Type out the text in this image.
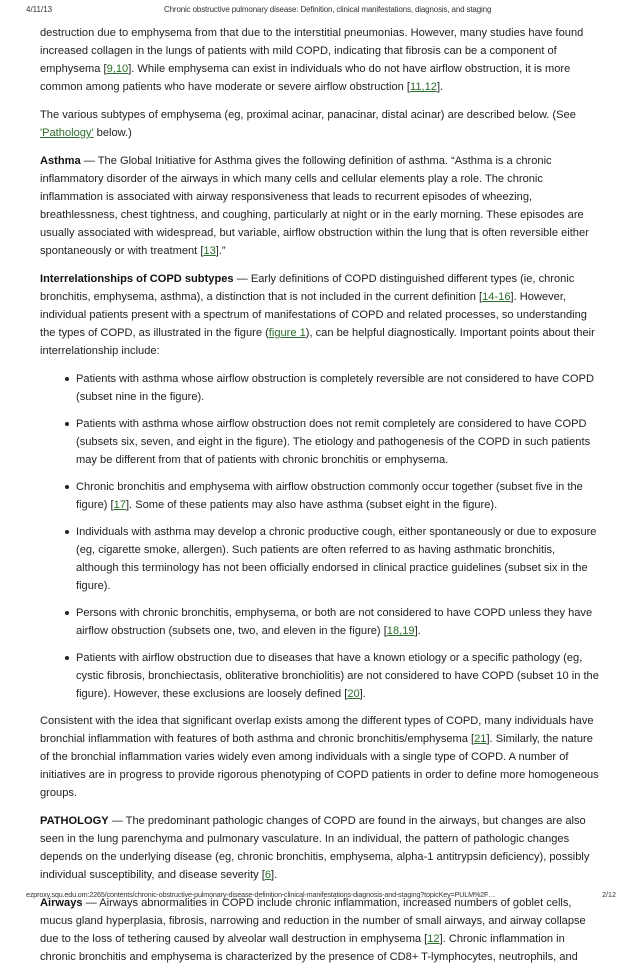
4/11/13	Chronic obstructive pulmonary disease: Definition, clinical manifestations, diagnosis, and staging

destruction due to emphysema from that due to the interstitial pneumonias. However, many studies have found increased collagen in the lungs of patients with mild COPD, indicating that fibrosis can be a component of emphysema [9,10]. While emphysema can exist in individuals who do not have airflow obstruction, it is more common among patients who have moderate or severe airflow obstruction [11,12].

The various subtypes of emphysema (eg, proximal acinar, panacinar, distal acinar) are described below. (See 'Pathology' below.)

Asthma — The Global Initiative for Asthma gives the following definition of asthma. “Asthma is a chronic inflammatory disorder of the airways in which many cells and cellular elements play a role. The chronic inflammation is associated with airway responsiveness that leads to recurrent episodes of wheezing, breathlessness, chest tightness, and coughing, particularly at night or in the early morning. These episodes are usually associated with widespread, but variable, airflow obstruction within the lung that is often reversible either spontaneously or with treatment [13].”

Interrelationships of COPD subtypes — Early definitions of COPD distinguished different types (ie, chronic bronchitis, emphysema, asthma), a distinction that is not included in the current definition [14-16]. However, individual patients present with a spectrum of manifestations of COPD and related processes, so understanding the types of COPD, as illustrated in the figure (figure 1), can be helpful diagnostically. Important points about their interrelationship include:

Patients with asthma whose airflow obstruction is completely reversible are not considered to have COPD (subset nine in the figure).
Patients with asthma whose airflow obstruction does not remit completely are considered to have COPD (subsets six, seven, and eight in the figure). The etiology and pathogenesis of the COPD in such patients may be different from that of patients with chronic bronchitis or emphysema.
Chronic bronchitis and emphysema with airflow obstruction commonly occur together (subset five in the figure) [17]. Some of these patients may also have asthma (subset eight in the figure).
Individuals with asthma may develop a chronic productive cough, either spontaneously or due to exposure (eg, cigarette smoke, allergen). Such patients are often referred to as having asthmatic bronchitis, although this terminology has not been officially endorsed in clinical practice guidelines (subset six in the figure).
Persons with chronic bronchitis, emphysema, or both are not considered to have COPD unless they have airflow obstruction (subsets one, two, and eleven in the figure) [18,19].
Patients with airflow obstruction due to diseases that have a known etiology or a specific pathology (eg, cystic fibrosis, bronchiectasis, obliterative bronchiolitis) are not considered to have COPD (subset 10 in the figure). However, these exclusions are loosely defined [20].

Consistent with the idea that significant overlap exists among the different types of COPD, many individuals have bronchial inflammation with features of both asthma and chronic bronchitis/emphysema [21]. Similarly, the nature of the bronchial inflammation varies widely even among individuals with a single type of COPD. A number of initiatives are in progress to provide rigorous phenotyping of COPD patients in order to define more homogeneous groups.

PATHOLOGY — The predominant pathologic changes of COPD are found in the airways, but changes are also seen in the lung parenchyma and pulmonary vasculature. In an individual, the pattern of pathologic changes depends on the underlying disease (eg, chronic bronchitis, emphysema, alpha-1 antitrypsin deficiency), possibly individual susceptibility, and disease severity [6].

Airways — Airways abnormalities in COPD include chronic inflammation, increased numbers of goblet cells, mucus gland hyperplasia, fibrosis, narrowing and reduction in the number of small airways, and airway collapse due to the loss of tethering caused by alveolar wall destruction in emphysema [12]. Chronic inflammation in chronic bronchitis and emphysema is characterized by the presence of CD8+ T-lymphocytes, neutrophils, and

ezproxy.squ.edu.om:2265/contents/chronic-obstructive-pulmonary-disease-definition-clinical-manifestations-diagnosis-and-staging?topicKey=PULM%2F…	2/12
